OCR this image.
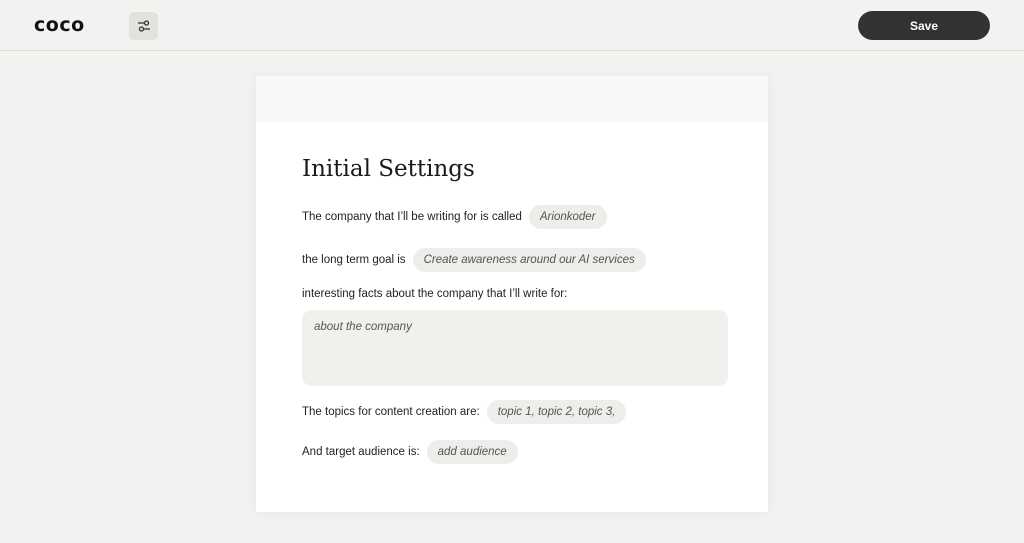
coco	Save
Initial Settings
The company that I’ll be writing for is called	Arionkoder
the long term goal is	Create awareness around our AI services
interesting facts about the company that I’ll write for:
about the company
The topics for content creation are:	topic 1, topic 2, topic 3,
And target audience is:	add audience
